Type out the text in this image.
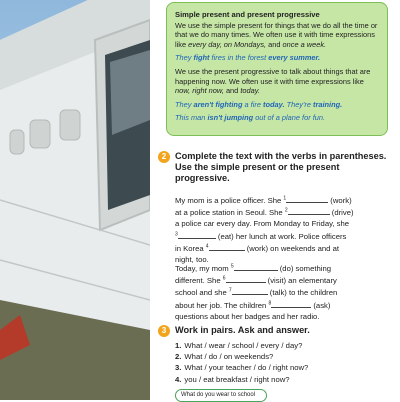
Simple present and present progressive

We use the simple present for things that we do all the time or that we do many times. We often use it with time expressions like every day, on Mondays, and once a week.

They fight fires in the forest every summer.

We use the present progressive to talk about things that are happening now. We often use it with time expressions like now, right now, and today.

They aren't fighting a fire today. They're training.

This man isn't jumping out of a plane for fun.

2 Complete the text with the verbs in parentheses. Use the simple present or the present progressive.

My mom is a police officer. She $^1$	(work)

at a police station in Seoul. She $^2$	(drive)

a police car every day. From Monday to Friday, she

$^3$	(eat) her lunch at work. Police officers

in Korea $^4$	(work) on weekends and at

night, too.

Today, my mom $^5$	(do) something

different. She $^6$	(visit) an elementary

school and she $^7$	(talk) to the children

about her job. The children $^8$	(ask)

questions about her badges and her radio.

3 Work in pairs. Ask and answer.
1. What / wear / school / every / day?
2. What / do / on weekends?
3. What / your teacher / do / right now?
4. you / eat breakfast / right now?
What do you wear to school
